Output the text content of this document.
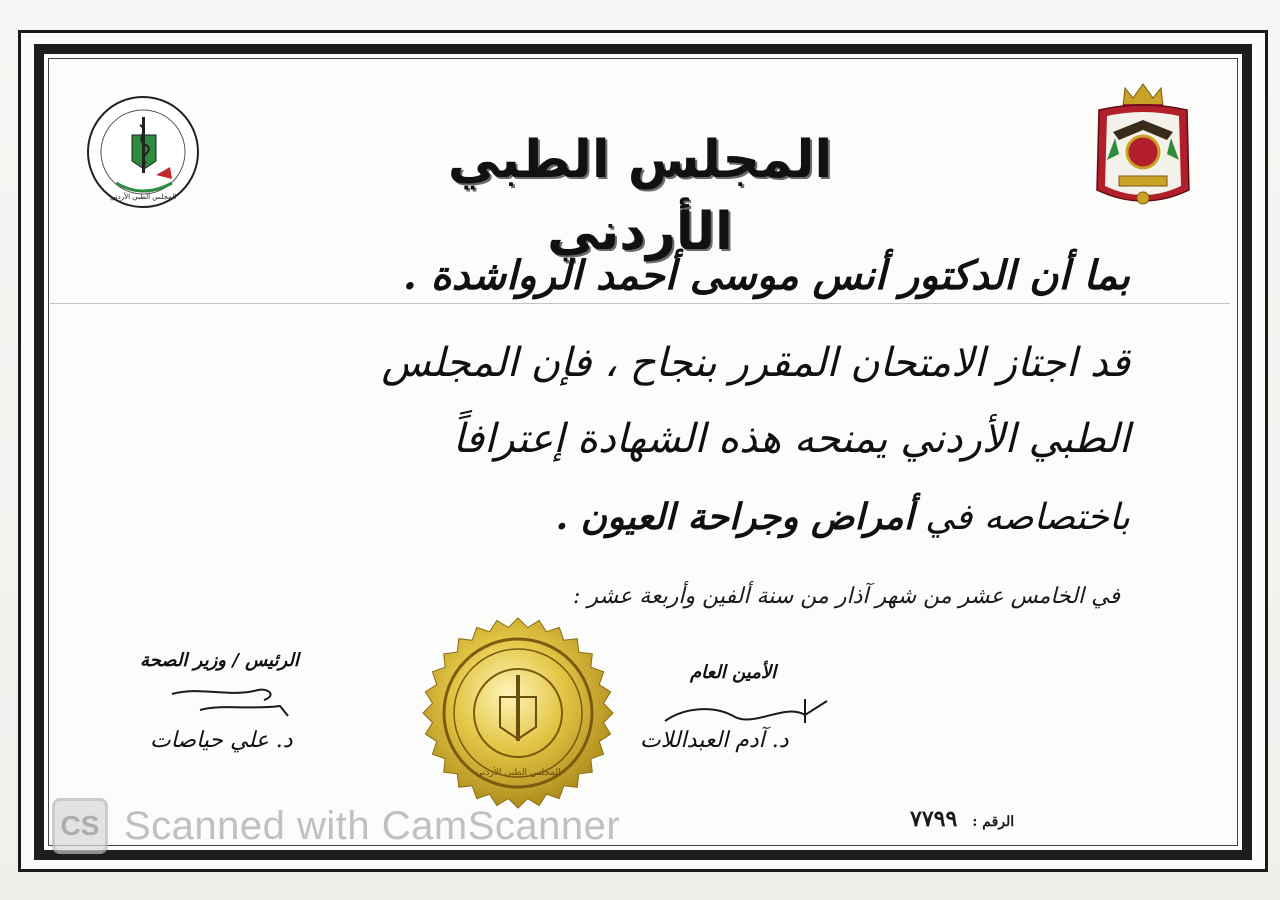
المجلس الطبي الأردني
المجلس الطبي الأردني
بما أن الدكتور أنس موسى أحمد الرواشدة .
قد اجتاز الامتحان المقرر بنجاح ، فإن المجلس
الطبي الأردني يمنحه هذه الشهادة إعترافاً
باختصاصه في أمراض وجراحة العيون .
في الخامس عشر من شهر آذار من سنة ألفين وأربعة عشر :
الرئيس / وزير الصحة
د. علي حياصات
المجلس الطبي الأردني
الأمين العام
د. آدم العبداللات
الرقم : ٧٧٩٩
CS Scanned with CamScanner
